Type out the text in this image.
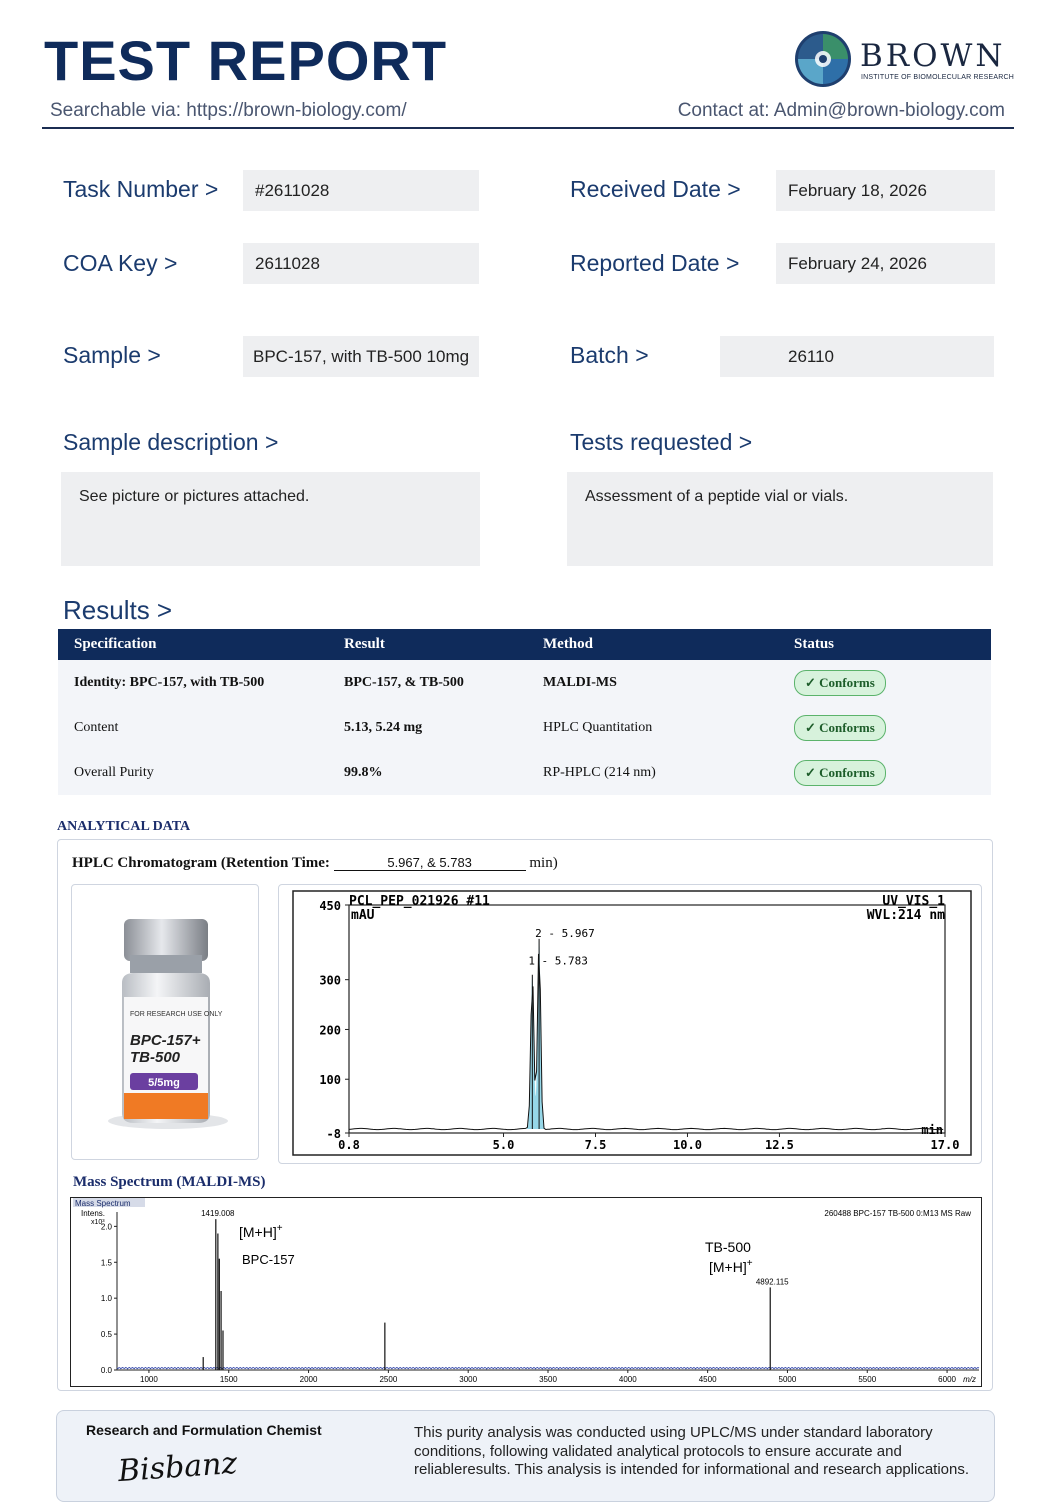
TEST REPORT	BROWN
INSTITUTE OF BIOMOLECULAR RESEARCH
Searchable via: https://brown-biology.com/	Contact at: Admin@brown-biology.com
Task Number >	#2611028	Received Date >	February 18, 2026
COA Key >	2611028	Reported Date >	February 24, 2026
Sample >	BPC-157, with TB-500 10mg	Batch >	26110
Sample description >
See picture or pictures attached.
Tests requested >
Assessment of a peptide vial or vials.
Results >
Specification	Result	Method	Status
Identity: BPC-157, with TB-500	BPC-157, & TB-500	MALDI-MS	✓ Conforms
Content	5.13, 5.24 mg	HPLC Quantitation	✓ Conforms
Overall Purity	99.8%	RP-HPLC (214 nm)	✓ Conforms
ANALYTICAL DATA
HPLC Chromatogram (Retention Time:	5.967, & 5.783	min)
FOR RESEARCH USE ONLY
BPC-157+
TB-500
5/5mg
PCL_PEP_021926 #11	UV_VIS_1
WVL:214 nm
mAU
min
0.8	5.0	7.5	10.0	12.5	17.0
450
300
200
100
-8
1 - 5.783
2 - 5.967
Mass Spectrum (MALDI-MS)
Mass Spectrum
260488 BPC-157 TB-500 0:M13 MS Raw
Intens.
x10³
m/z
1000	1500	2000	2500	3000	3500	4000	4500	5000	5500	6000
2.0
1.5
1.0
0.5
0.0
1419.008
4892.115
[M+H]+
BPC-157
TB-500
[M+H]+
Research and Formulation Chemist
Bisbanz
This purity analysis was conducted using UPLC/MS under standard laboratory conditions, following validated analytical protocols to ensure accurate and reliableresults. This analysis is intended for informational and research applications.
